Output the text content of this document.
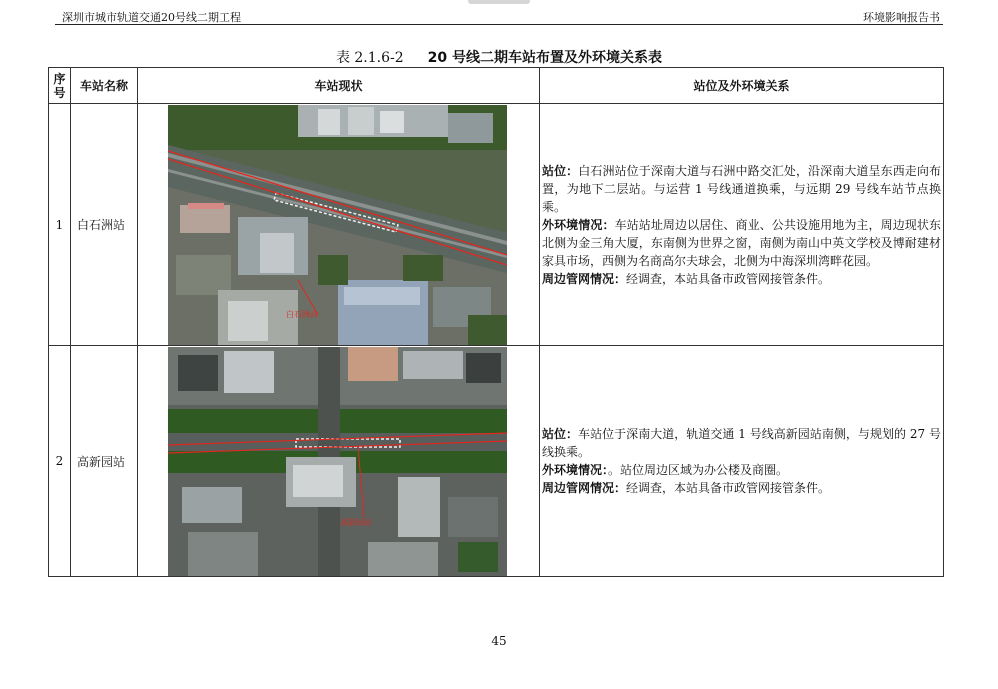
深圳市城市轨道交通20号线二期工程	环境影响报告书
表 2.1.6-2 20 号线二期车站布置及外环境关系表
序号	车站名称	车站现状	站位及外环境关系
1	白石洲站	白石洲站	站位：白石洲站位于深南大道与石洲中路交汇处，沿深南大道呈东西走向布置，为地下二层站。与运营 1 号线通道换乘，与远期 29 号线车站节点换乘。
外环境情况：车站站址周边以居住、商业、公共设施用地为主，周边现状东北侧为金三角大厦，东南侧为世界之窗，南侧为南山中英文学校及博耐建材家具市场，西侧为名商高尔夫球会，北侧为中海深圳湾畔花园。
周边管网情况：经调查，本站具备市政管网接管条件。
2	高新园站	高新园站	站位：车站位于深南大道，轨道交通 1 号线高新园站南侧，与规划的 27 号线换乘。
外环境情况：。站位周边区域为办公楼及商圈。
周边管网情况：经调查，本站具备市政管网接管条件。
45
